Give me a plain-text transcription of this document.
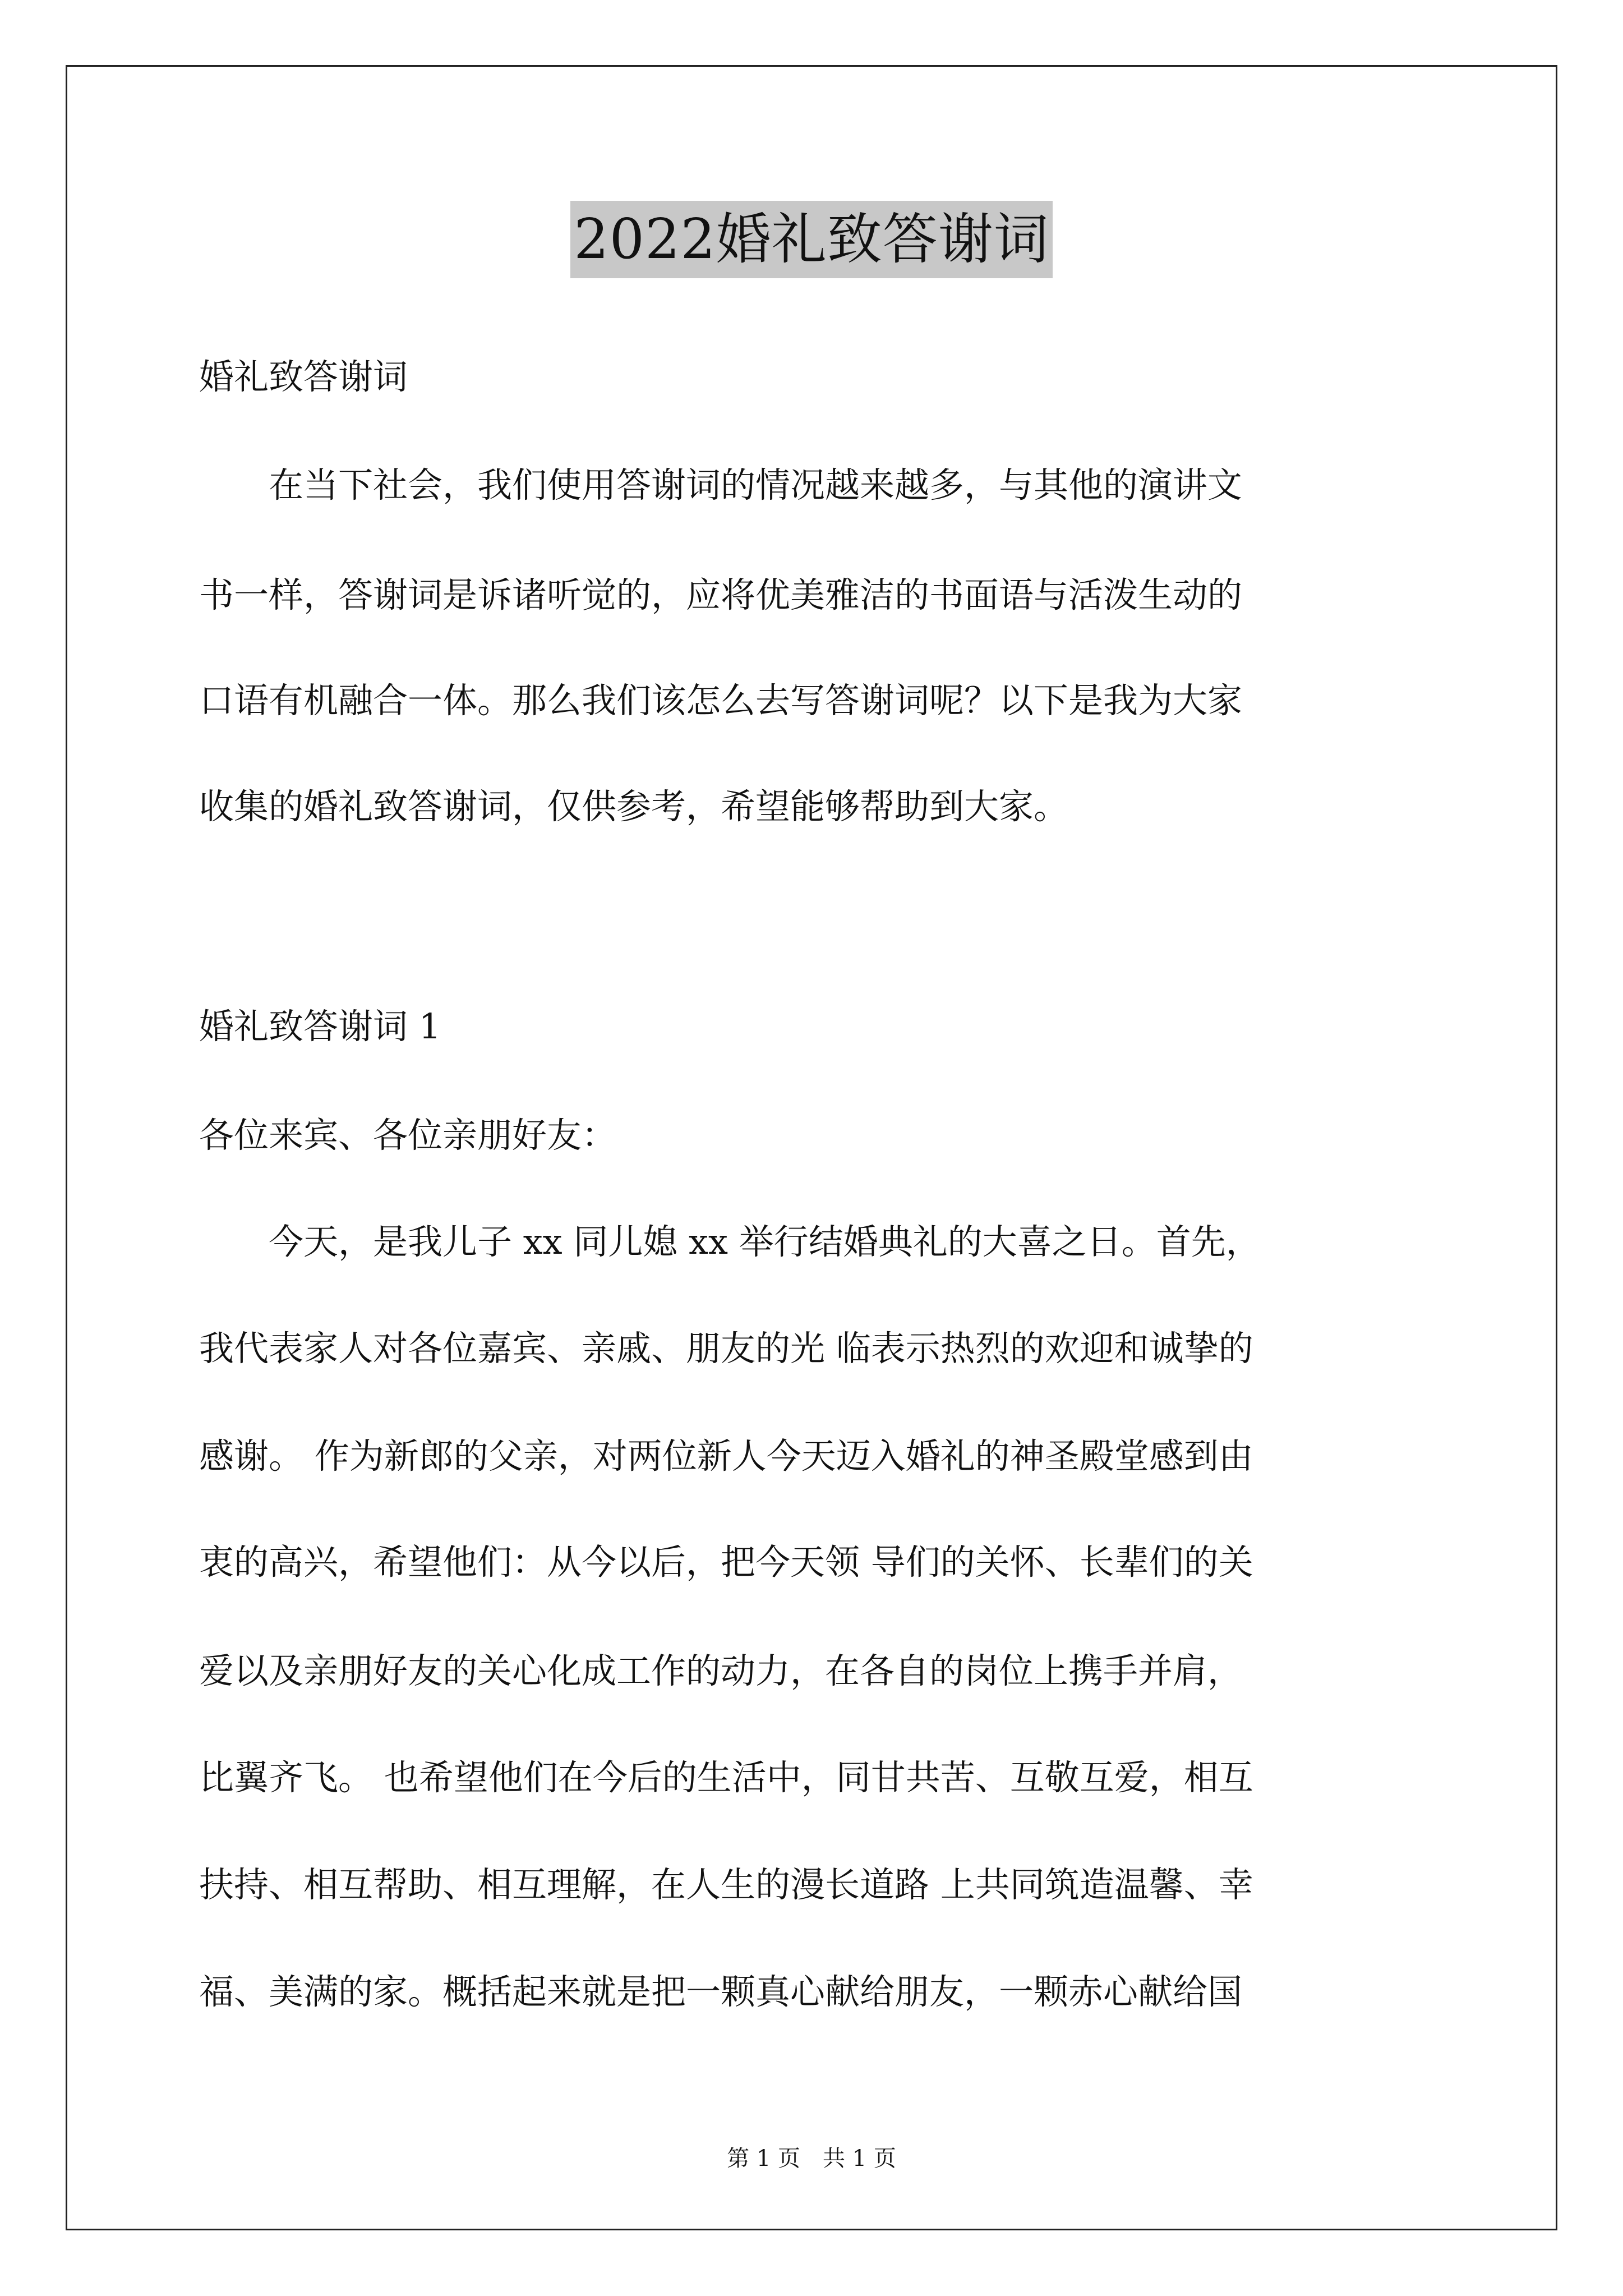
2022婚礼致答谢词
婚礼致答谢词
　　在当下社会，我们使用答谢词的情况越来越多，与其他的演讲文
书一样，答谢词是诉诸听觉的，应将优美雅洁的书面语与活泼生动的
口语有机融合一体。那么我们该怎么去写答谢词呢？以下是我为大家
收集的婚礼致答谢词，仅供参考，希望能够帮助到大家。
婚礼致答谢词 1
各位来宾、各位亲朋好友：
　　今天，是我儿子 xx 同儿媳 xx 举行结婚典礼的大喜之日。首先，
我代表家人对各位嘉宾、亲戚、朋友的光 临表示热烈的欢迎和诚挚的
感谢。 作为新郎的父亲，对两位新人今天迈入婚礼的神圣殿堂感到由
衷的高兴，希望他们：从今以后，把今天领 导们的关怀、长辈们的关
爱以及亲朋好友的关心化成工作的动力，在各自的岗位上携手并肩，
比翼齐飞。 也希望他们在今后的生活中，同甘共苦、互敬互爱，相互
扶持、相互帮助、相互理解，在人生的漫长道路 上共同筑造温馨、幸
福、美满的家。概括起来就是把一颗真心献给朋友，一颗赤心献给国
第 1 页　共 1 页
